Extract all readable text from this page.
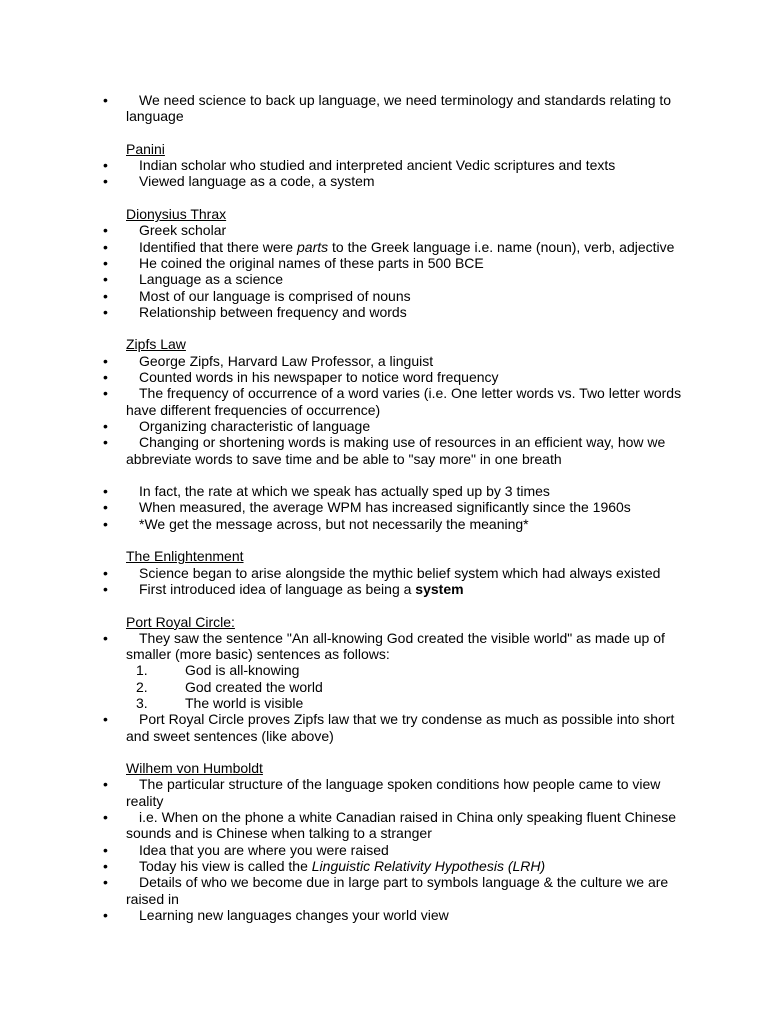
• We need science to back up language, we need terminology and standards relating to language
Panini
• Indian scholar who studied and interpreted ancient Vedic scriptures and texts
• Viewed language as a code, a system
Dionysius Thrax
• Greek scholar
• Identified that there were parts to the Greek language i.e. name (noun), verb, adjective
• He coined the original names of these parts in 500 BCE
• Language as a science
• Most of our language is comprised of nouns
• Relationship between frequency and words
Zipfs Law
• George Zipfs, Harvard Law Professor, a linguist
• Counted words in his newspaper to notice word frequency
• The frequency of occurrence of a word varies (i.e. One letter words vs. Two letter words have different frequencies of occurrence)
• Organizing characteristic of language
• Changing or shortening words is making use of resources in an efficient way, how we abbreviate words to save time and be able to "say more" in one breath
• In fact, the rate at which we speak has actually sped up by 3 times
• When measured, the average WPM has increased significantly since the 1960s
• *We get the message across, but not necessarily the meaning*
The Enlightenment
• Science began to arise alongside the mythic belief system which had always existed
• First introduced idea of language as being a system
Port Royal Circle:
• They saw the sentence "An all-knowing God created the visible world" as made up of smaller (more basic) sentences as follows:
1.	God is all-knowing
2.	God created the world
3.	The world is visible
• Port Royal Circle proves Zipfs law that we try condense as much as possible into short and sweet sentences (like above)
Wilhem von Humboldt
• The particular structure of the language spoken conditions how people came to view reality
• i.e. When on the phone a white Canadian raised in China only speaking fluent Chinese sounds and is Chinese when talking to a stranger
• Idea that you are where you were raised
• Today his view is called the Linguistic Relativity Hypothesis (LRH)
• Details of who we become due in large part to symbols language & the culture we are raised in
• Learning new languages changes your world view
